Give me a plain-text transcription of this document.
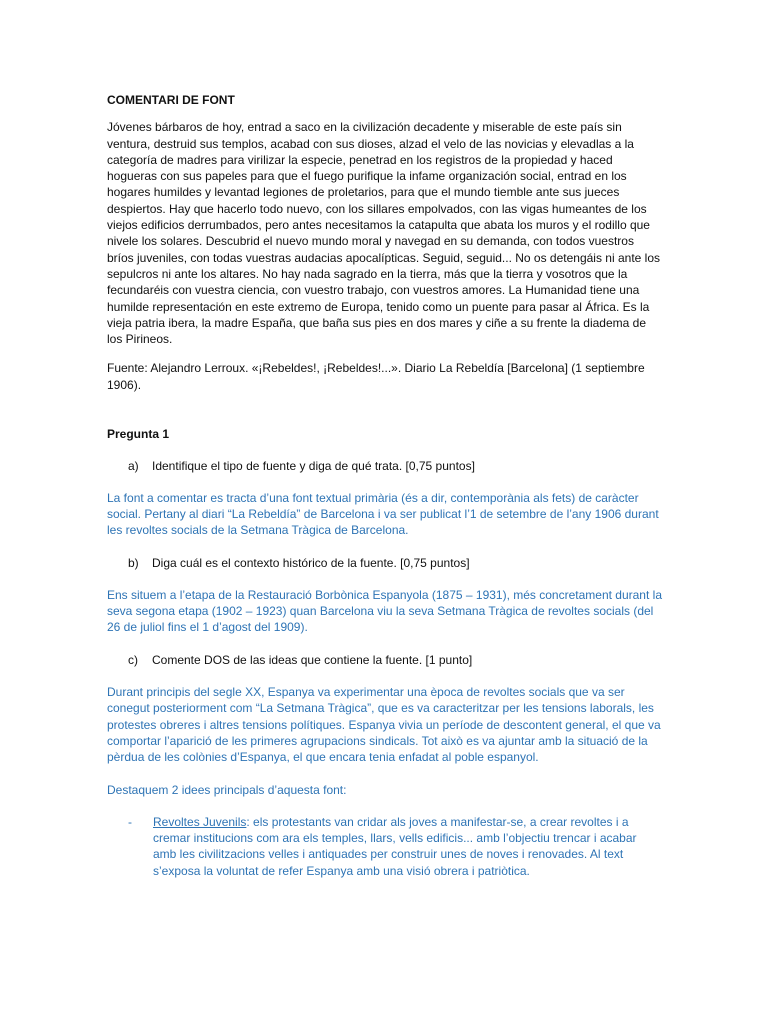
COMENTARI DE FONT

Jóvenes bárbaros de hoy, entrad a saco en la civilización decadente y miserable de este país sin ventura, destruid sus templos, acabad con sus dioses, alzad el velo de las novicias y elevadlas a la categoría de madres para virilizar la especie, penetrad en los registros de la propiedad y haced hogueras con sus papeles para que el fuego purifique la infame organización social, entrad en los hogares humildes y levantad legiones de proletarios, para que el mundo tiemble ante sus jueces despiertos. Hay que hacerlo todo nuevo, con los sillares empolvados, con las vigas humeantes de los viejos edificios derrumbados, pero antes necesitamos la catapulta que abata los muros y el rodillo que nivele los solares. Descubrid el nuevo mundo moral y navegad en su demanda, con todos vuestros bríos juveniles, con todas vuestras audacias apocalípticas. Seguid, seguid... No os detengáis ni ante los sepulcros ni ante los altares. No hay nada sagrado en la tierra, más que la tierra y vosotros que la fecundaréis con vuestra ciencia, con vuestro trabajo, con vuestros amores. La Humanidad tiene una humilde representación en este extremo de Europa, tenido como un puente para pasar al África. Es la vieja patria ibera, la madre España, que baña sus pies en dos mares y ciñe a su frente la diadema de los Pirineos.

Fuente: Alejandro Lerroux. «¡Rebeldes!, ¡Rebeldes!...». Diario La Rebeldía [Barcelona] (1 septiembre 1906).

Pregunta 1

a) Identifique el tipo de fuente y diga de qué trata. [0,75 puntos]

La font a comentar es tracta d’una font textual primària (és a dir, contemporània als fets) de caràcter social. Pertany al diari “La Rebeldía” de Barcelona i va ser publicat l’1 de setembre de l’any 1906 durant les revoltes socials de la Setmana Tràgica de Barcelona.

b) Diga cuál es el contexto histórico de la fuente. [0,75 puntos]

Ens situem a l’etapa de la Restauració Borbònica Espanyola (1875 – 1931), més concretament durant la seva segona etapa (1902 – 1923) quan Barcelona viu la seva Setmana Tràgica de revoltes socials (del 26 de juliol fins el 1 d’agost del 1909).

c) Comente DOS de las ideas que contiene la fuente. [1 punto]

Durant principis del segle XX, Espanya va experimentar una època de revoltes socials que va ser conegut posteriorment com “La Setmana Tràgica”, que es va caracteritzar per les tensions laborals, les protestes obreres i altres tensions polítiques. Espanya vivia un període de descontent general, el que va comportar l’aparició de les primeres agrupacions sindicals. Tot això es va ajuntar amb la situació de la pèrdua de les colònies d’Espanya, el que encara tenia enfadat al poble espanyol.

Destaquem 2 idees principals d’aquesta font:

- Revoltes Juvenils: els protestants van cridar als joves a manifestar-se, a crear revoltes i a cremar institucions com ara els temples, llars, vells edificis... amb l’objectiu trencar i acabar amb les civilitzacions velles i antiquades per construir unes de noves i renovades. Al text s’exposa la voluntat de refer Espanya amb una visió obrera i patriòtica.
